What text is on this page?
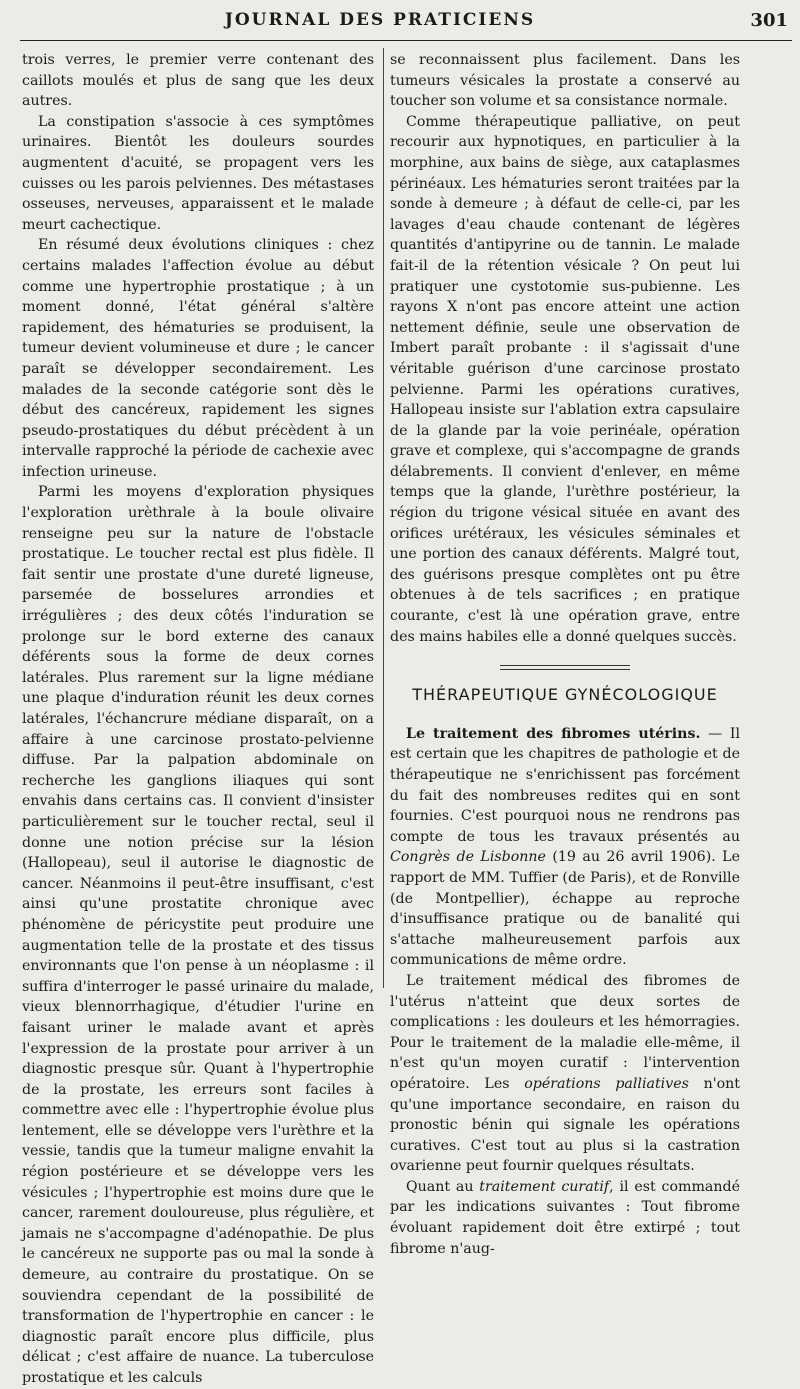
JOURNAL DES PRATICIENS	301

trois verres, le premier verre contenant des caillots moulés et plus de sang que les deux autres.

La constipation s'associe à ces symptômes urinaires. Bientôt les douleurs sourdes augmentent d'acuité, se propagent vers les cuisses ou les parois pelviennes. Des métastases osseuses, nerveuses, apparaissent et le malade meurt cachectique.

En résumé deux évolutions cliniques : chez certains malades l'affection évolue au début comme une hypertrophie prostatique ; à un moment donné, l'état général s'altère rapidement, des hématuries se produisent, la tumeur devient volumineuse et dure ; le cancer paraît se développer secondairement. Les malades de la seconde catégorie sont dès le début des cancéreux, rapidement les signes pseudo-prostatiques du début précèdent à un intervalle rapproché la période de cachexie avec infection urineuse.

Parmi les moyens d'exploration physiques l'exploration urèthrale à la boule olivaire renseigne peu sur la nature de l'obstacle prostatique. Le toucher rectal est plus fidèle. Il fait sentir une prostate d'une dureté ligneuse, parsemée de bosselures arrondies et irrégulières ; des deux côtés l'induration se prolonge sur le bord externe des canaux déférents sous la forme de deux cornes latérales. Plus rarement sur la ligne médiane une plaque d'induration réunit les deux cornes latérales, l'échancrure médiane disparaît, on a affaire à une carcinose prostato-pelvienne diffuse. Par la palpation abdominale on recherche les ganglions iliaques qui sont envahis dans certains cas. Il convient d'insister particulièrement sur le toucher rectal, seul il donne une notion précise sur la lésion (Hallopeau), seul il autorise le diagnostic de cancer. Néanmoins il peut-être insuffisant, c'est ainsi qu'une prostatite chronique avec phénomène de péricystite peut produire une augmentation telle de la prostate et des tissus environnants que l'on pense à un néoplasme : il suffira d'interroger le passé urinaire du malade, vieux blennorrhagique, d'étudier l'urine en faisant uriner le malade avant et après l'expression de la prostate pour arriver à un diagnostic presque sûr. Quant à l'hypertrophie de la prostate, les erreurs sont faciles à commettre avec elle : l'hypertrophie évolue plus lentement, elle se développe vers l'urèthre et la vessie, tandis que la tumeur maligne envahit la région postérieure et se développe vers les vésicules ; l'hypertrophie est moins dure que le cancer, rarement douloureuse, plus régulière, et jamais ne s'accompagne d'adénopathie. De plus le cancéreux ne supporte pas ou mal la sonde à demeure, au contraire du prostatique. On se souviendra cependant de la possibilité de transformation de l'hypertrophie en cancer : le diagnostic paraît encore plus difficile, plus délicat ; c'est affaire de nuance. La tuberculose prostatique et les calculs

se reconnaissent plus facilement. Dans les tumeurs vésicales la prostate a conservé au toucher son volume et sa consistance normale.

Comme thérapeutique palliative, on peut recourir aux hypnotiques, en particulier à la morphine, aux bains de siège, aux cataplasmes périnéaux. Les hématuries seront traitées par la sonde à demeure ; à défaut de celle-ci, par les lavages d'eau chaude contenant de légères quantités d'antipyrine ou de tannin. Le malade fait-il de la rétention vésicale ? On peut lui pratiquer une cystotomie sus-pubienne. Les rayons X n'ont pas encore atteint une action nettement définie, seule une observation de Imbert paraît probante : il s'agissait d'une véritable guérison d'une carcinose prostato pelvienne. Parmi les opérations curatives, Hallopeau insiste sur l'ablation extra capsulaire de la glande par la voie perinéale, opération grave et complexe, qui s'accompagne de grands délabrements. Il convient d'enlever, en même temps que la glande, l'urèthre postérieur, la région du trigone vésical située en avant des orifices urétéraux, les vésicules séminales et une portion des canaux déférents. Malgré tout, des guérisons presque complètes ont pu être obtenues à de tels sacrifices ; en pratique courante, c'est là une opération grave, entre des mains habiles elle a donné quelques succès.

THÉRAPEUTIQUE GYNÉCOLOGIQUE

Le traitement des fibromes utérins. — Il est certain que les chapitres de pathologie et de thérapeutique ne s'enrichissent pas forcément du fait des nombreuses redites qui en sont fournies. C'est pourquoi nous ne rendrons pas compte de tous les travaux présentés au Congrès de Lisbonne (19 au 26 avril 1906). Le rapport de MM. Tuffier (de Paris), et de Ronville (de Montpellier), échappe au reproche d'insuffisance pratique ou de banalité qui s'attache malheureusement parfois aux communications de même ordre.

Le traitement médical des fibromes de l'utérus n'atteint que deux sortes de complications : les douleurs et les hémorragies. Pour le traitement de la maladie elle-même, il n'est qu'un moyen curatif : l'intervention opératoire. Les opérations palliatives n'ont qu'une importance secondaire, en raison du pronostic bénin qui signale les opérations curatives. C'est tout au plus si la castration ovarienne peut fournir quelques résultats.

Quant au traitement curatif, il est commandé par les indications suivantes : Tout fibrome évoluant rapidement doit être extirpé ; tout fibrome n'aug-
